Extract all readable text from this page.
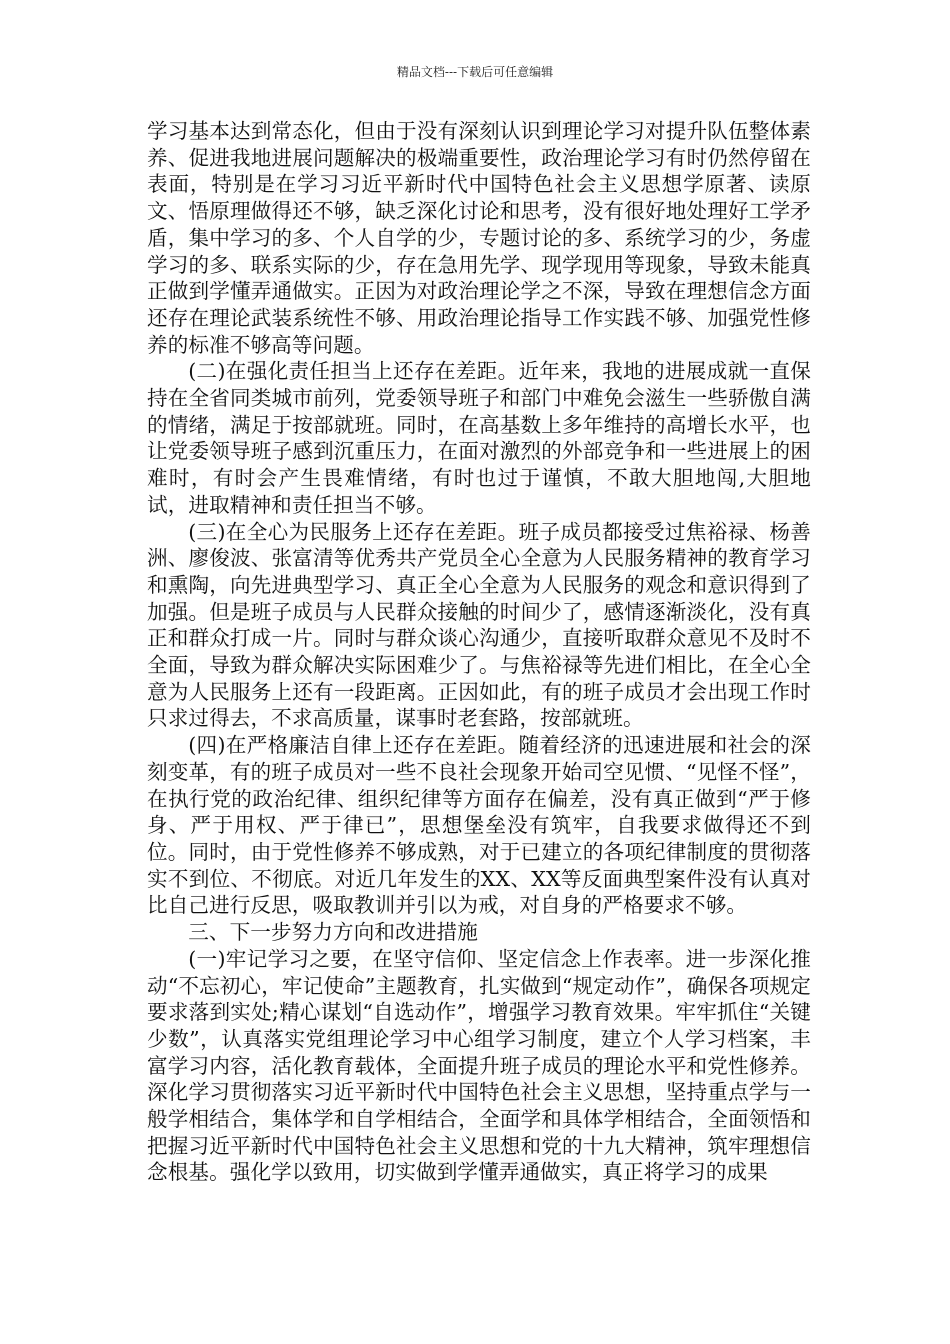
精品文档---下载后可任意编辑

学习基本达到常态化，但由于没有深刻认识到理论学习对提升队伍整体素养、促进我地进展问题解决的极端重要性，政治理论学习有时仍然停留在表面，特别是在学习习近平新时代中国特色社会主义思想学原著、读原文、悟原理做得还不够，缺乏深化讨论和思考，没有很好地处理好工学矛盾，集中学习的多、个人自学的少，专题讨论的多、系统学习的少，务虚学习的多、联系实际的少，存在急用先学、现学现用等现象，导致未能真正做到学懂弄通做实。正因为对政治理论学之不深，导致在理想信念方面还存在理论武装系统性不够、用政治理论指导工作实践不够、加强党性修养的标准不够高等问题。

(二)在强化责任担当上还存在差距。近年来，我地的进展成就一直保持在全省同类城市前列，党委领导班子和部门中难免会滋生一些骄傲自满的情绪，满足于按部就班。同时，在高基数上多年维持的高增长水平，也让党委领导班子感到沉重压力，在面对激烈的外部竞争和一些进展上的困难时，有时会产生畏难情绪，有时也过于谨慎，不敢大胆地闯,大胆地试，进取精神和责任担当不够。

(三)在全心为民服务上还存在差距。班子成员都接受过焦裕禄、杨善洲、廖俊波、张富清等优秀共产党员全心全意为人民服务精神的教育学习和熏陶，向先进典型学习、真正全心全意为人民服务的观念和意识得到了加强。但是班子成员与人民群众接触的时间少了，感情逐渐淡化，没有真正和群众打成一片。同时与群众谈心沟通少，直接听取群众意见不及时不全面，导致为群众解决实际困难少了。与焦裕禄等先进们相比，在全心全意为人民服务上还有一段距离。正因如此，有的班子成员才会出现工作时只求过得去，不求高质量，谋事时老套路，按部就班。

(四)在严格廉洁自律上还存在差距。随着经济的迅速进展和社会的深刻变革，有的班子成员对一些不良社会现象开始司空见惯、“见怪不怪”，在执行党的政治纪律、组织纪律等方面存在偏差，没有真正做到“严于修身、严于用权、严于律已”，思想堡垒没有筑牢，自我要求做得还不到位。同时，由于党性修养不够成熟，对于已建立的各项纪律制度的贯彻落实不到位、不彻底。对近几年发生的XX、XX等反面典型案件没有认真对比自己进行反思，吸取教训并引以为戒，对自身的严格要求不够。

三、下一步努力方向和改进措施

(一)牢记学习之要，在坚守信仰、坚定信念上作表率。进一步深化推动“不忘初心，牢记使命”主题教育，扎实做到“规定动作”，确保各项规定要求落到实处;精心谋划“自选动作”，增强学习教育效果。牢牢抓住“关键少数”，认真落实党组理论学习中心组学习制度，建立个人学习档案，丰富学习内容，活化教育载体，全面提升班子成员的理论水平和党性修养。深化学习贯彻落实习近平新时代中国特色社会主义思想，坚持重点学与一般学相结合，集体学和自学相结合，全面学和具体学相结合，全面领悟和把握习近平新时代中国特色社会主义思想和党的十九大精神，筑牢理想信念根基。强化学以致用，切实做到学懂弄通做实，真正将学习的成果
